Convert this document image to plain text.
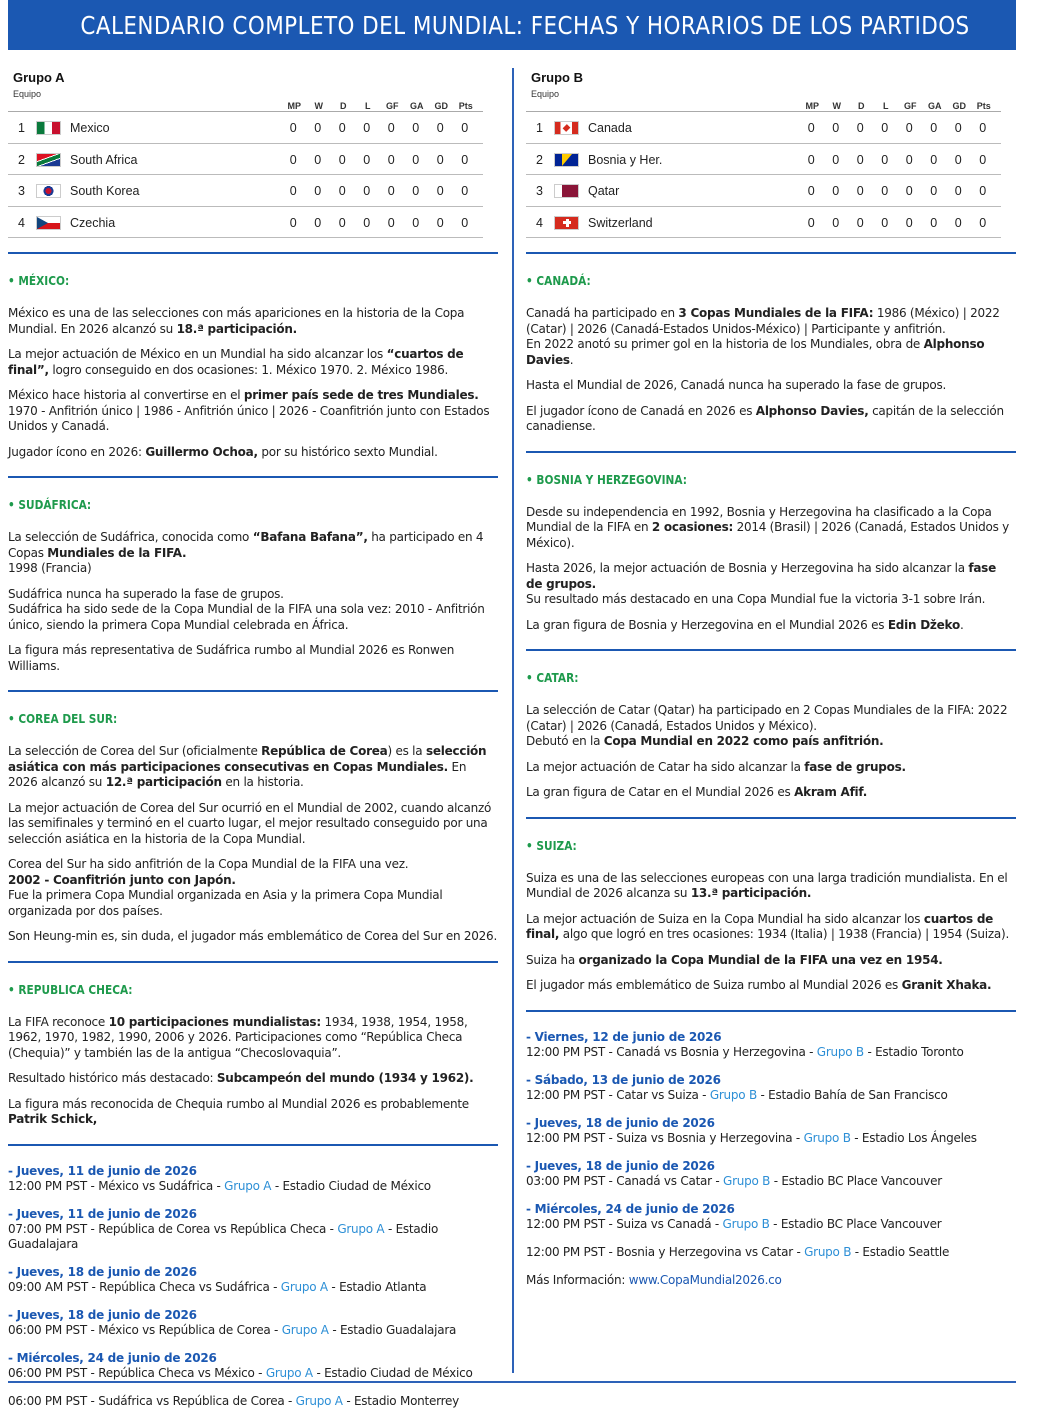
CALENDARIO COMPLETO DEL MUNDIAL: FECHAS Y HORARIOS DE LOS PARTIDOS
Grupo A
Equipo
MP	W	D	L	GF	GA	GD	Pts
1	Mexico	0	0	0	0	0	0	0	0
2	South Africa	0	0	0	0	0	0	0	0
3	South Korea	0	0	0	0	0	0	0	0
4	Czechia	0	0	0	0	0	0	0	0
• MÉXICO:
México es una de las selecciones con más apariciones en la historia de la Copa Mundial. En 2026 alcanzó su 18.ª participación.
La mejor actuación de México en un Mundial ha sido alcanzar los “cuartos de final”, logro conseguido en dos ocasiones: 1. México 1970. 2. México 1986.
México hace historia al convertirse en el primer país sede de tres Mundiales.
1970 - Anfitrión único | 1986 - Anfitrión único | 2026 - Coanfitrión junto con Estados Unidos y Canadá.
Jugador ícono en 2026: Guillermo Ochoa, por su histórico sexto Mundial.
• SUDÁFRICA:
La selección de Sudáfrica, conocida como “Bafana Bafana”, ha participado en 4 Copas Mundiales de la FIFA.
1998 (Francia)
Sudáfrica nunca ha superado la fase de grupos.
Sudáfrica ha sido sede de la Copa Mundial de la FIFA una sola vez: 2010 - Anfitrión único, siendo la primera Copa Mundial celebrada en África.
La figura más representativa de Sudáfrica rumbo al Mundial 2026 es Ronwen Williams.
• COREA DEL SUR:
La selección de Corea del Sur (oficialmente República de Corea) es la selección asiática con más participaciones consecutivas en Copas Mundiales. En 2026 alcanzó su 12.ª participación en la historia.
La mejor actuación de Corea del Sur ocurrió en el Mundial de 2002, cuando alcanzó las semifinales y terminó en el cuarto lugar, el mejor resultado conseguido por una selección asiática en la historia de la Copa Mundial.
Corea del Sur ha sido anfitrión de la Copa Mundial de la FIFA una vez.
2002 - Coanfitrión junto con Japón.
Fue la primera Copa Mundial organizada en Asia y la primera Copa Mundial organizada por dos países.
Son Heung-min es, sin duda, el jugador más emblemático de Corea del Sur en 2026.
• REPUBLICA CHECA:
La FIFA reconoce 10 participaciones mundialistas: 1934, 1938, 1954, 1958, 1962, 1970, 1982, 1990, 2006 y 2026. Participaciones como “República Checa (Chequia)” y también las de la antigua “Checoslovaquia”.
Resultado histórico más destacado: Subcampeón del mundo (1934 y 1962).
La figura más reconocida de Chequia rumbo al Mundial 2026 es probablemente Patrik Schick,
- Jueves, 11 de junio de 2026
12:00 PM PST - México vs Sudáfrica - Grupo A - Estadio Ciudad de México
- Jueves, 11 de junio de 2026
07:00 PM PST - República de Corea vs República Checa - Grupo A - Estadio Guadalajara
- Jueves, 18 de junio de 2026
09:00 AM PST - República Checa vs Sudáfrica - Grupo A - Estadio Atlanta
- Jueves, 18 de junio de 2026
06:00 PM PST - México vs República de Corea - Grupo A - Estadio Guadalajara
- Miércoles, 24 de junio de 2026
06:00 PM PST - República Checa vs México - Grupo A - Estadio Ciudad de México
06:00 PM PST - Sudáfrica vs República de Corea - Grupo A - Estadio Monterrey
Grupo B
Equipo
MP	W	D	L	GF	GA	GD	Pts
1	Canada	0	0	0	0	0	0	0	0
2	Bosnia y Her.	0	0	0	0	0	0	0	0
3	Qatar	0	0	0	0	0	0	0	0
4	Switzerland	0	0	0	0	0	0	0	0
• CANADÁ:
Canadá ha participado en 3 Copas Mundiales de la FIFA: 1986 (México) | 2022 (Catar) | 2026 (Canadá-Estados Unidos-México) | Participante y anfitrión.
En 2022 anotó su primer gol en la historia de los Mundiales, obra de Alphonso Davies.
Hasta el Mundial de 2026, Canadá nunca ha superado la fase de grupos.
El jugador ícono de Canadá en 2026 es Alphonso Davies, capitán de la selección canadiense.
• BOSNIA Y HERZEGOVINA:
Desde su independencia en 1992, Bosnia y Herzegovina ha clasificado a la Copa Mundial de la FIFA en 2 ocasiones: 2014 (Brasil) | 2026 (Canadá, Estados Unidos y México).
Hasta 2026, la mejor actuación de Bosnia y Herzegovina ha sido alcanzar la fase de grupos.
Su resultado más destacado en una Copa Mundial fue la victoria 3-1 sobre Irán.
La gran figura de Bosnia y Herzegovina en el Mundial 2026 es Edin Džeko.
• CATAR:
La selección de Catar (Qatar) ha participado en 2 Copas Mundiales de la FIFA: 2022 (Catar) | 2026 (Canadá, Estados Unidos y México).
Debutó en la Copa Mundial en 2022 como país anfitrión.
La mejor actuación de Catar ha sido alcanzar la fase de grupos.
La gran figura de Catar en el Mundial 2026 es Akram Afif.
• SUIZA:
Suiza es una de las selecciones europeas con una larga tradición mundialista. En el Mundial de 2026 alcanza su 13.ª participación.
La mejor actuación de Suiza en la Copa Mundial ha sido alcanzar los cuartos de final, algo que logró en tres ocasiones: 1934 (Italia) | 1938 (Francia) | 1954 (Suiza).
Suiza ha organizado la Copa Mundial de la FIFA una vez en 1954.
El jugador más emblemático de Suiza rumbo al Mundial 2026 es Granit Xhaka.
- Viernes, 12 de junio de 2026
12:00 PM PST - Canadá vs Bosnia y Herzegovina - Grupo B - Estadio Toronto
- Sábado, 13 de junio de 2026
12:00 PM PST - Catar vs Suiza - Grupo B - Estadio Bahía de San Francisco
- Jueves, 18 de junio de 2026
12:00 PM PST - Suiza vs Bosnia y Herzegovina - Grupo B - Estadio Los Ángeles
- Jueves, 18 de junio de 2026
03:00 PM PST - Canadá vs Catar - Grupo B - Estadio BC Place Vancouver
- Miércoles, 24 de junio de 2026
12:00 PM PST - Suiza vs Canadá - Grupo B - Estadio BC Place Vancouver
12:00 PM PST - Bosnia y Herzegovina vs Catar - Grupo B - Estadio Seattle
Más Información: www.CopaMundial2026.co
